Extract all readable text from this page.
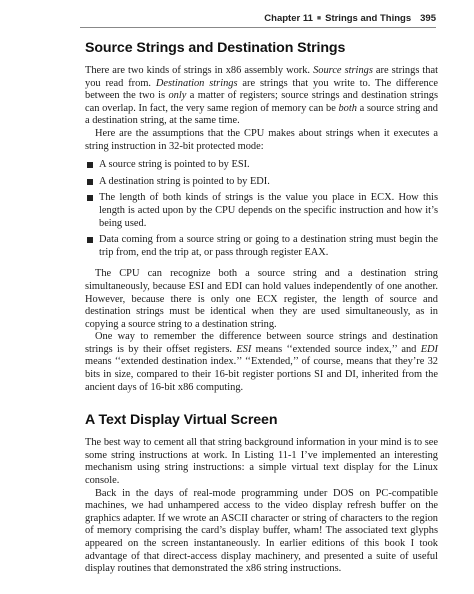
Chapter 11 ■ Strings and Things 395
Source Strings and Destination Strings

There are two kinds of strings in x86 assembly work. Source strings are strings that you read from. Destination strings are strings that you write to. The difference between the two is only a matter of registers; source strings and destination strings can overlap. In fact, the very same region of memory can be both a source string and a destination string, at the same time.

Here are the assumptions that the CPU makes about strings when it executes a string instruction in 32-bit protected mode:

A source string is pointed to by ESI.
A destination string is pointed to by EDI.
The length of both kinds of strings is the value you place in ECX. How this length is acted upon by the CPU depends on the specific instruction and how it’s being used.
Data coming from a source string or going to a destination string must begin the trip from, end the trip at, or pass through register EAX.

The CPU can recognize both a source string and a destination string simultaneously, because ESI and EDI can hold values independently of one another. However, because there is only one ECX register, the length of source and destination strings must be identical when they are used simultaneously, as in copying a source string to a destination string.

One way to remember the difference between source strings and destination strings is by their offset registers. ESI means ‘‘extended source index,’’ and EDI means ‘‘extended destination index.’’ ‘‘Extended,’’ of course, means that they’re 32 bits in size, compared to their 16-bit register portions SI and DI, inherited from the ancient days of 16-bit x86 computing.

A Text Display Virtual Screen

The best way to cement all that string background information in your mind is to see some string instructions at work. In Listing 11-1 I’ve implemented an interesting mechanism using string instructions: a simple virtual text display for the Linux console.

Back in the days of real-mode programming under DOS on PC-compatible machines, we had unhampered access to the video display refresh buffer on the graphics adapter. If we wrote an ASCII character or string of characters to the region of memory comprising the card’s display buffer, wham! The associated text glyphs appeared on the screen instantaneously. In earlier editions of this book I took advantage of that direct-access display machinery, and presented a suite of useful display routines that demonstrated the x86 string instructions.
